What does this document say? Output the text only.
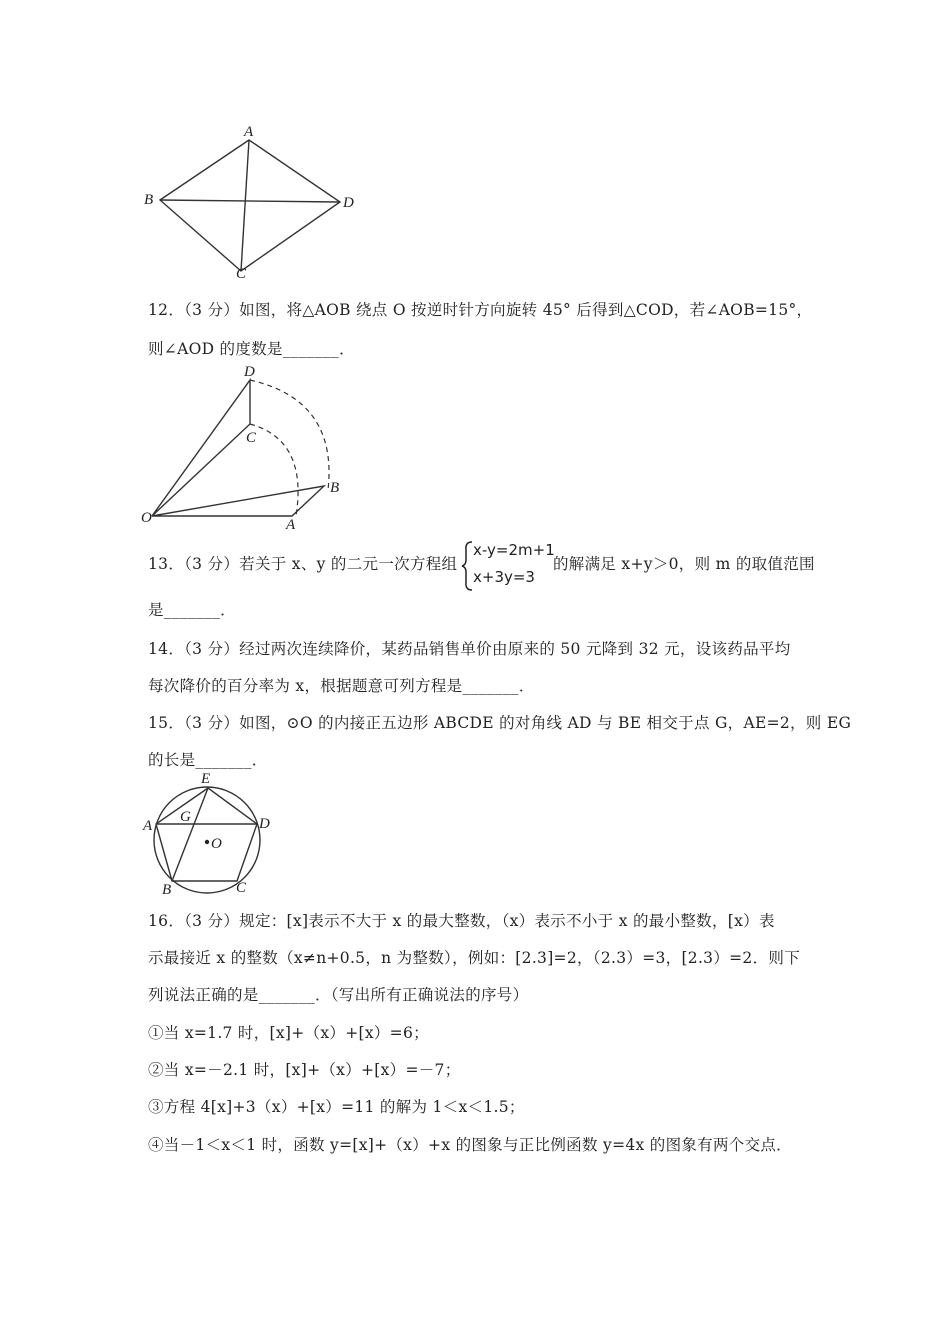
A
B
C
D
12．（3 分）如图，将△AOB 绕点 O 按逆时针方向旋转 45° 后得到△COD，若∠AOB=15°，
则∠AOD 的度数是_______．
D
C
B
O	A
13．（3 分）若关于 x、y 的二元一次方程组
x-y=2m+1
x+3y=3
的解满足 x+y＞0，则 m 的取值范围
是_______．
14．（3 分）经过两次连续降价，某药品销售单价由原来的 50 元降到 32 元，设该药品平均
每次降价的百分率为 x，根据题意可列方程是_______．
15．（3 分）如图，⊙O 的内接正五边形 ABCDE 的对角线 AD 与 BE 相交于点 G，AE=2，则 EG
的长是_______．
E
A
G	D
O
B	C
16．（3 分）规定：[x]表示不大于 x 的最大整数，（x）表示不小于 x 的最小整数，[x）表
示最接近 x 的整数（x≠n+0.5，n 为整数），例如：[2.3]=2，（2.3）=3，[2.3）=2．则下
列说法正确的是_______．（写出所有正确说法的序号）
①当 x=1.7 时，[x]+（x）+[x）=6；
②当 x=－2.1 时，[x]+（x）+[x）=－7；
③方程 4[x]+3（x）+[x）=11 的解为 1＜x＜1.5；
④当－1＜x＜1 时，函数 y=[x]+（x）+x 的图象与正比例函数 y=4x 的图象有两个交点．
